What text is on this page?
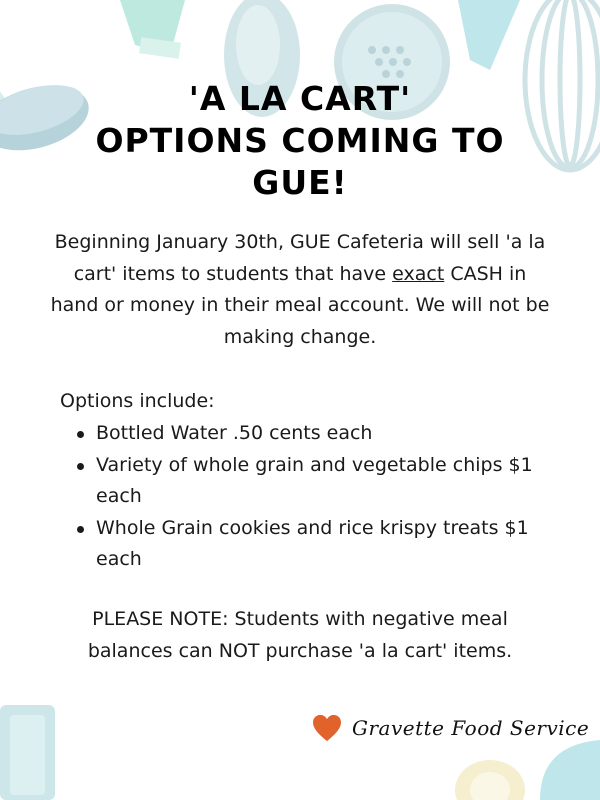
'A LA CART'
OPTIONS COMING TO
GUE!

Beginning January 30th, GUE Cafeteria will sell 'a la cart' items to students that have exact CASH in hand or money in their meal account. We will not be making change.

Options include:
Bottled Water .50 cents each
Variety of whole grain and vegetable chips $1 each
Whole Grain cookies and rice krispy treats $1 each

PLEASE NOTE: Students with negative meal balances can NOT purchase 'a la cart' items.

Gravette Food Service
